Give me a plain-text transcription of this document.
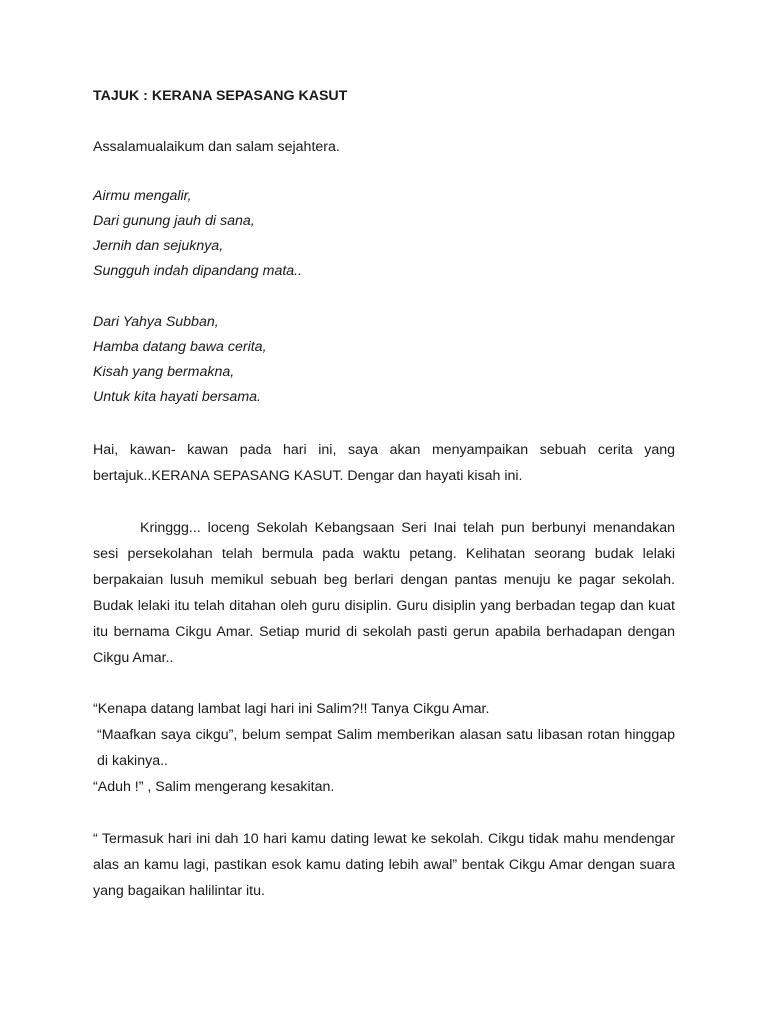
TAJUK : KERANA SEPASANG KASUT

Assalamualaikum dan salam sejahtera.

Airmu mengalir,
Dari gunung jauh di sana,
Jernih dan sejuknya,
Sungguh indah dipandang mata..
Dari Yahya Subban,
Hamba datang bawa cerita,
Kisah yang bermakna,
Untuk kita hayati bersama.

Hai, kawan- kawan pada hari ini, saya akan menyampaikan sebuah cerita yang bertajuk..KERANA SEPASANG KASUT. Dengar dan hayati kisah ini.

Kringgg... loceng Sekolah Kebangsaan Seri Inai telah pun berbunyi menandakan sesi persekolahan telah bermula pada waktu petang. Kelihatan seorang budak lelaki berpakaian lusuh memikul sebuah beg berlari dengan pantas menuju ke pagar sekolah. Budak lelaki itu telah ditahan oleh guru disiplin. Guru disiplin yang berbadan tegap dan kuat itu bernama Cikgu Amar. Setiap murid di sekolah pasti gerun apabila berhadapan dengan Cikgu Amar..

“Kenapa datang lambat lagi hari ini Salim?!! Tanya Cikgu Amar.
“Maafkan saya cikgu”, belum sempat Salim memberikan alasan satu libasan rotan hinggap di kakinya..
“Aduh !” , Salim mengerang kesakitan.

“ Termasuk hari ini dah 10 hari kamu dating lewat ke sekolah. Cikgu tidak mahu mendengar alas an kamu lagi, pastikan esok kamu dating lebih awal” bentak Cikgu Amar dengan suara yang bagaikan halilintar itu.
